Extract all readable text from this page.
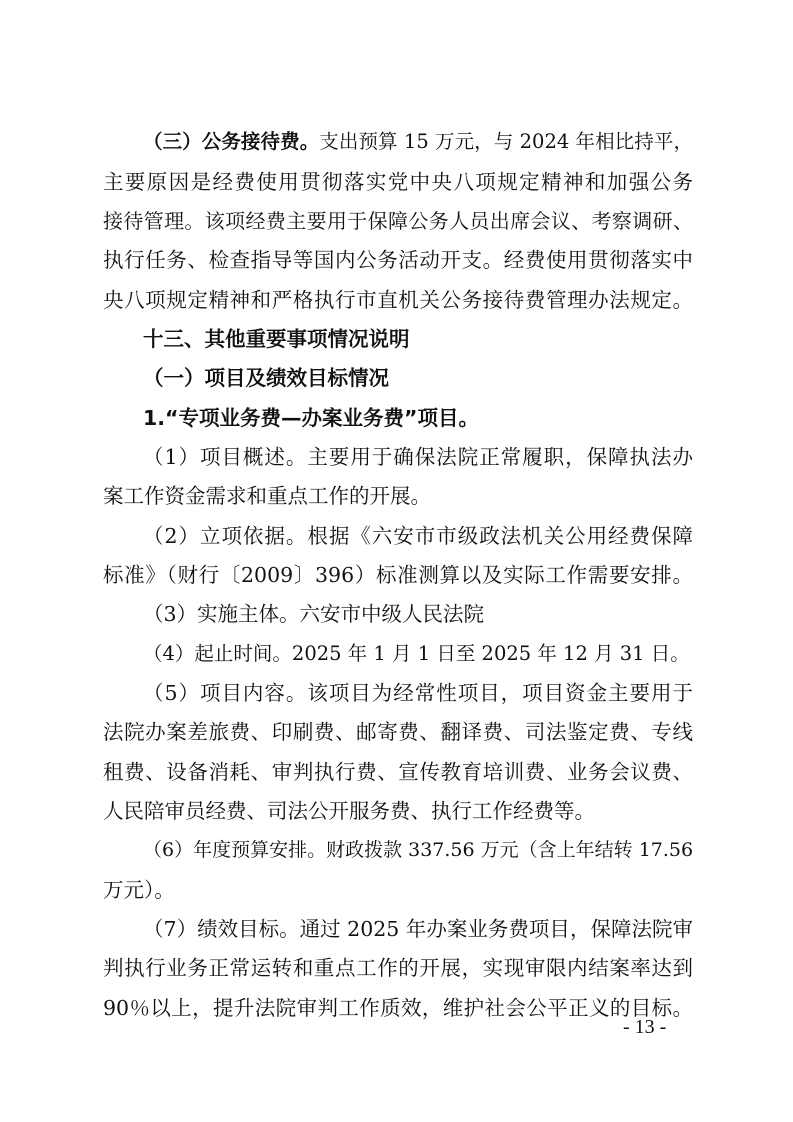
（三）公务接待费。支出预算 15 万元，与 2024 年相比持平，
主要原因是经费使用贯彻落实党中央八项规定精神和加强公务
接待管理。该项经费主要用于保障公务人员出席会议、考察调研、
执行任务、检查指导等国内公务活动开支。经费使用贯彻落实中
央八项规定精神和严格执行市直机关公务接待费管理办法规定。
十三、其他重要事项情况说明
（一）项目及绩效目标情况
1.“专项业务费—办案业务费”项目。
（1）项目概述。主要用于确保法院正常履职，保障执法办
案工作资金需求和重点工作的开展。
（2）立项依据。根据《六安市市级政法机关公用经费保障
标准》（财行〔2009〕396）标准测算以及实际工作需要安排。
（3）实施主体。六安市中级人民法院
（4）起止时间。2025 年 1 月 1 日至 2025 年 12 月 31 日。
（5）项目内容。该项目为经常性项目，项目资金主要用于
法院办案差旅费、印刷费、邮寄费、翻译费、司法鉴定费、专线
租费、设备消耗、审判执行费、宣传教育培训费、业务会议费、
人民陪审员经费、司法公开服务费、执行工作经费等。
（6）年度预算安排。财政拨款 337.56 万元（含上年结转 17.56
万元）。
（7）绩效目标。通过 2025 年办案业务费项目，保障法院审
判执行业务正常运转和重点工作的开展，实现审限内结案率达到
90％以上，提升法院审判工作质效，维护社会公平正义的目标。
- 13 -
